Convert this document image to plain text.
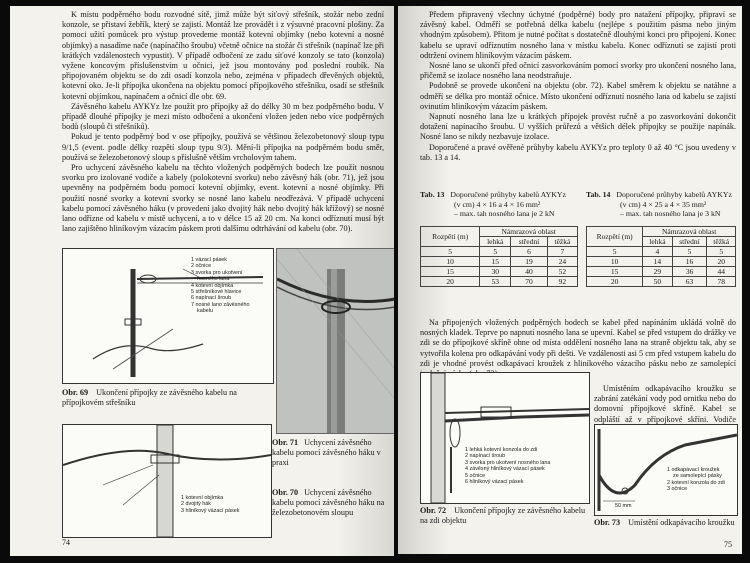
K místu podpěrného bodu rozvodné sítě, jimž může být síťový střešník, stožár nebo zední konzole, se přistaví žebřík, který se zajistí. Montáž lze provádět i z výsuvné pracovní plošiny. Za pomoci užití pomůcek pro výstup provedeme montáž kotevní objímky (nebo kotevní a nosné objímky) a nasadíme nače (napínačího šroubu) včetně očnice na stožár či střešník (napínač lze při krátkých vzdálenostech vypustit). V případě odbočení ze zadu síťové konzoly se tato (konzola) vyžene koncovým příslušenstvím u očnicí, jež jsou montovány pod poslední roubík. Na připojovaném objektu se do zdi osadí konzola nebo, zejména v případech dřevěných objektů, kotevní oko. Je-li přípojka ukončena na objektu pomocí přípojkového střešníku, osadí se střešník kotevní objímkou, napínačem a očnicí dle obr. 69.

Závěsného kabelu AYKYz lze použít pro přípojky až do délky 30 m bez podpěrného bodu. V případě dlouhé přípojky je mezi místo odbočení a ukončení vložen jeden nebo více podpěrných bodů (sloupů či střešníků).

Pokud je tento podpěrný bod v ose přípojky, používá se většinou železobetonový sloup typu 9/1,5 (event. podle délky rozpětí sloup typu 9/3). Mění-li přípojka na podpěrném bodu směr, používá se železobetonový sloup s příslušně větším vrcholovým tahem.

Pro uchycení závěsného kabelu na těchto vložených podpěrných bodech lze použít nosnou svorku pro izolované vodiče a kabely (polokotevní svorku) nebo závěsný hák (obr. 71), jež jsou upevněny na podpěrném bodu pomocí kotevní objímky, event. kotevní a nosné objímky. Při použití nosné svorky a kotevní svorky se nosné lano kabelu neodřezává. V případě uchycení kabelu pomocí závěsného háku (v provedení jako dvojitý hák nebo dvojitý hák křížový) se nosné lano odřízne od kabelu v místě uchycení, a to v délce 15 až 20 cm. Na konci odříznutí musí být lano zajištěno hliníkovým vázacím páskem proti dalšímu odtrhávání od kabelu (obr. 70).

1 vázací pásek
2 očnice
3 svorka pro ukotvení
nosného lana
4 kotevní objímka
5 střešníkové hlavice
6 napínací šroub
7 nosné lano závěsného
kabelu
Obr. 69 Ukončení přípojky ze závěsného kabelu na přípojkovém střešníku
1 kotevní objímka
2 dvojitý hák
3 hliníkový vázací pásek
Obr. 71 Uchycení závěsného kabelu pomocí závěsného háku v praxi
Obr. 70 Uchycení závěsného kabelu pomocí závěsného háku na železobetonovém sloupu
74

Předem připravený všechny úchytné (podpěrné) body pro natažení přípojky, připraví se závěsný kabel. Odměří se potřebná délka kabelu (nejlépe s použitím pásma nebo jiným vhodným způsobem). Přitom je nutné počítat s dostatečně dlouhými konci pro připojení. Konec kabelu se upraví odříznutím nosného lana v místku kabelu. Konec odříznutí se zajistí proti odtržení ovinem hliníkovým vázacím páskem.

Nosné lano se ukončí před očnicí zasvorkováním pomocí svorky pro ukončení nosného lana, přičemž se izolace nosného lana neodstraňuje.

Podobně se provede ukončení na objektu (obr. 72). Kabel směrem k objektu se natáhne a odměří se délka pro montáž očnice. Místo ukončení odříznutí nosného lana od kabelu se zajistí ovinutím hliníkovým vázacím páskem.

Napnutí nosného lana lze u krátkých přípojek provést ručně a po zasvorkování dokončit dotažení napínacího šroubu. U vyšších průřezů a větších délek přípojky se použije napínák. Nosné lano se nikdy nezbavuje izolace.

Doporučené a pravé ověřené průhyby kabelu AYKYz pro teploty 0 až 40 °C jsou uvedeny v tab. 13 a 14.

Tab. 13 Doporučené průhyby kabelů AYKYz
(v cm) 4 × 16 a 4 × 16 mm²
– max. tah nosného lana je 2 kN
Rozpětí (m)	Námrazová oblast		
	lehká	střední	těžká
5	5	6	7
10	15	19	24
15	30	40	52
20	53	70	92
Tab. 14 Doporučené průhyby kabelů AYKYz
(v cm) 4 × 25 a 4 × 35 mm²
– max. tah nosného lana je 3 kN
Rozpětí (m)	Námrazová oblast		
	lehká	střední	těžká
5	4	5	5
10	14	16	20
15	29	36	44
20	50	63	78

Na připojených vložených podpěrných bodech se kabel před napínáním ukládá volně do nosných kladek. Teprve po napnutí nosného lana se upevní. Kabel se před vstupem do drážky ve zdi se do přípojkové skříně ohne od místa oddělení nosného lana na straně objektu tak, aby se vytvořila kolena pro odkapávání vody při dešti. Ve vzdálenosti asi 5 cm před vstupem kabelu do zdi je vhodné provést odkapávací kroužek z hliníkového vázacího pásku nebo ze samolepící

Umístěním odkapávacího kroužku se zabrání zatékání vody pod ornitku nebo do domovní přípojkové skříně. Kabel se odpláští až v přípojkové skříni. Vodiče

1 lehká kotevní konzola do zdi
2 napínací šroub
3 svorka pro ukotvení nosného lana
4 závěsný hliníkový vázací pásek
5 očnice
6 hliníkový vázací pásek
Obr. 72 Ukončení přípojky ze závěsného kabelu na zdi objektu
50 mm
1 odkapávací kroužek
ze samolepící pásky
2 kotevní konzola do zdi
3 očnice
Obr. 73 Umístění odkapávacího kroužku
75
